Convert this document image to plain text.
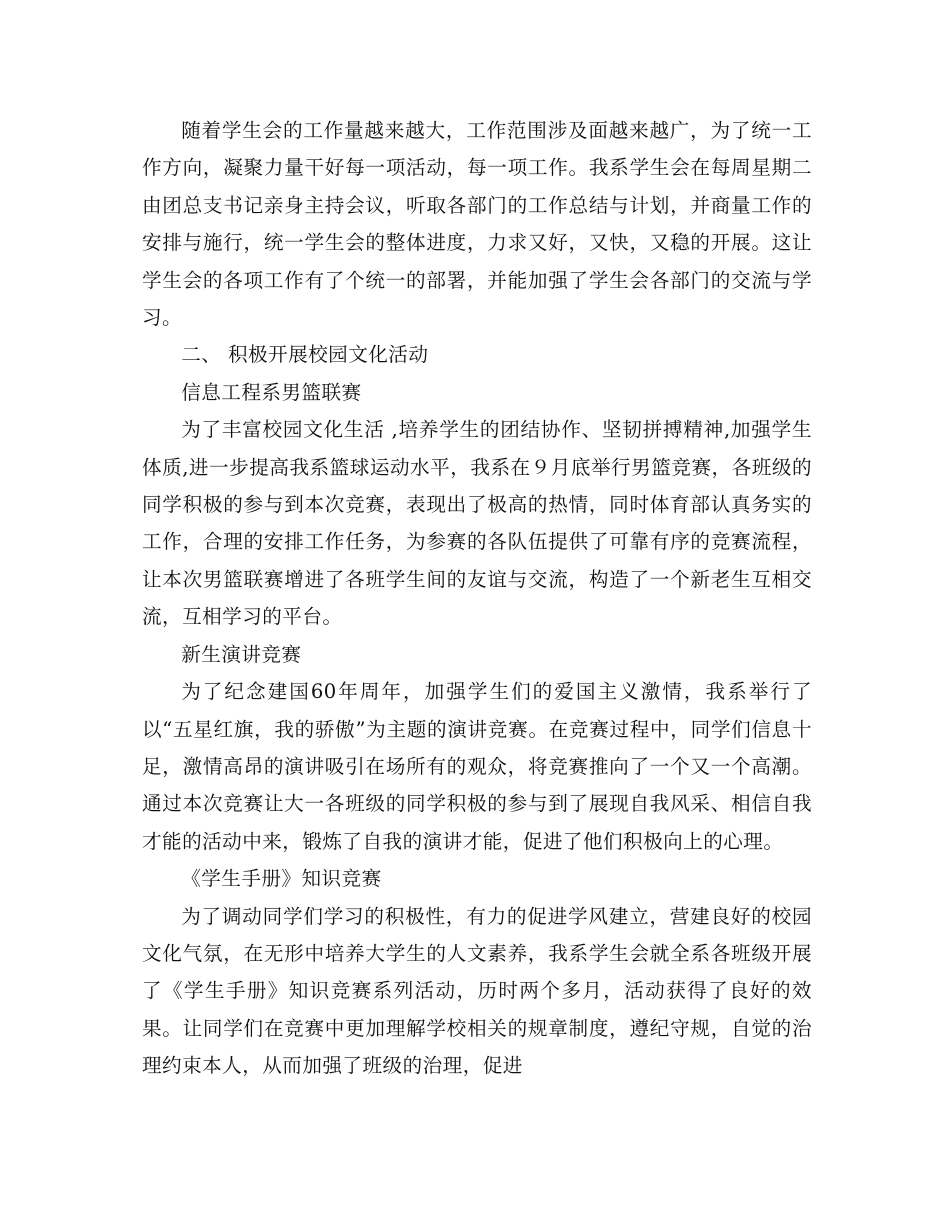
随着学生会的工作量越来越大，工作范围涉及面越来越广，为了统一工作方向，凝聚力量干好每一项活动，每一项工作。我系学生会在每周星期二由团总支书记亲身主持会议，听取各部门的工作总结与计划，并商量工作的安排与施行，统一学生会的整体进度，力求又好，又快，又稳的开展。这让学生会的各项工作有了个统一的部署，并能加强了学生会各部门的交流与学习。

二、 积极开展校园文化活动

信息工程系男篮联赛

为了丰富校园文化生活 ,培养学生的团结协作、坚韧拼搏精神,加强学生体质,进一步提高我系篮球运动水平，我系在９月底举行男篮竞赛，各班级的同学积极的参与到本次竞赛，表现出了极高的热情，同时体育部认真务实的工作，合理的安排工作任务，为参赛的各队伍提供了可靠有序的竞赛流程，让本次男篮联赛增进了各班学生间的友谊与交流，构造了一个新老生互相交流，互相学习的平台。

新生演讲竞赛

为了纪念建国60年周年，加强学生们的爱国主义激情，我系举行了以“五星红旗，我的骄傲”为主题的演讲竞赛。在竞赛过程中，同学们信息十足，激情高昂的演讲吸引在场所有的观众，将竞赛推向了一个又一个高潮。通过本次竞赛让大一各班级的同学积极的参与到了展现自我风采、相信自我才能的活动中来，锻炼了自我的演讲才能，促进了他们积极向上的心理。

《学生手册》知识竞赛

为了调动同学们学习的积极性，有力的促进学风建立，营建良好的校园文化气氛，在无形中培养大学生的人文素养，我系学生会就全系各班级开展了《学生手册》知识竞赛系列活动，历时两个多月，活动获得了良好的效果。让同学们在竞赛中更加理解学校相关的规章制度，遵纪守规，自觉的治理约束本人，从而加强了班级的治理，促进
